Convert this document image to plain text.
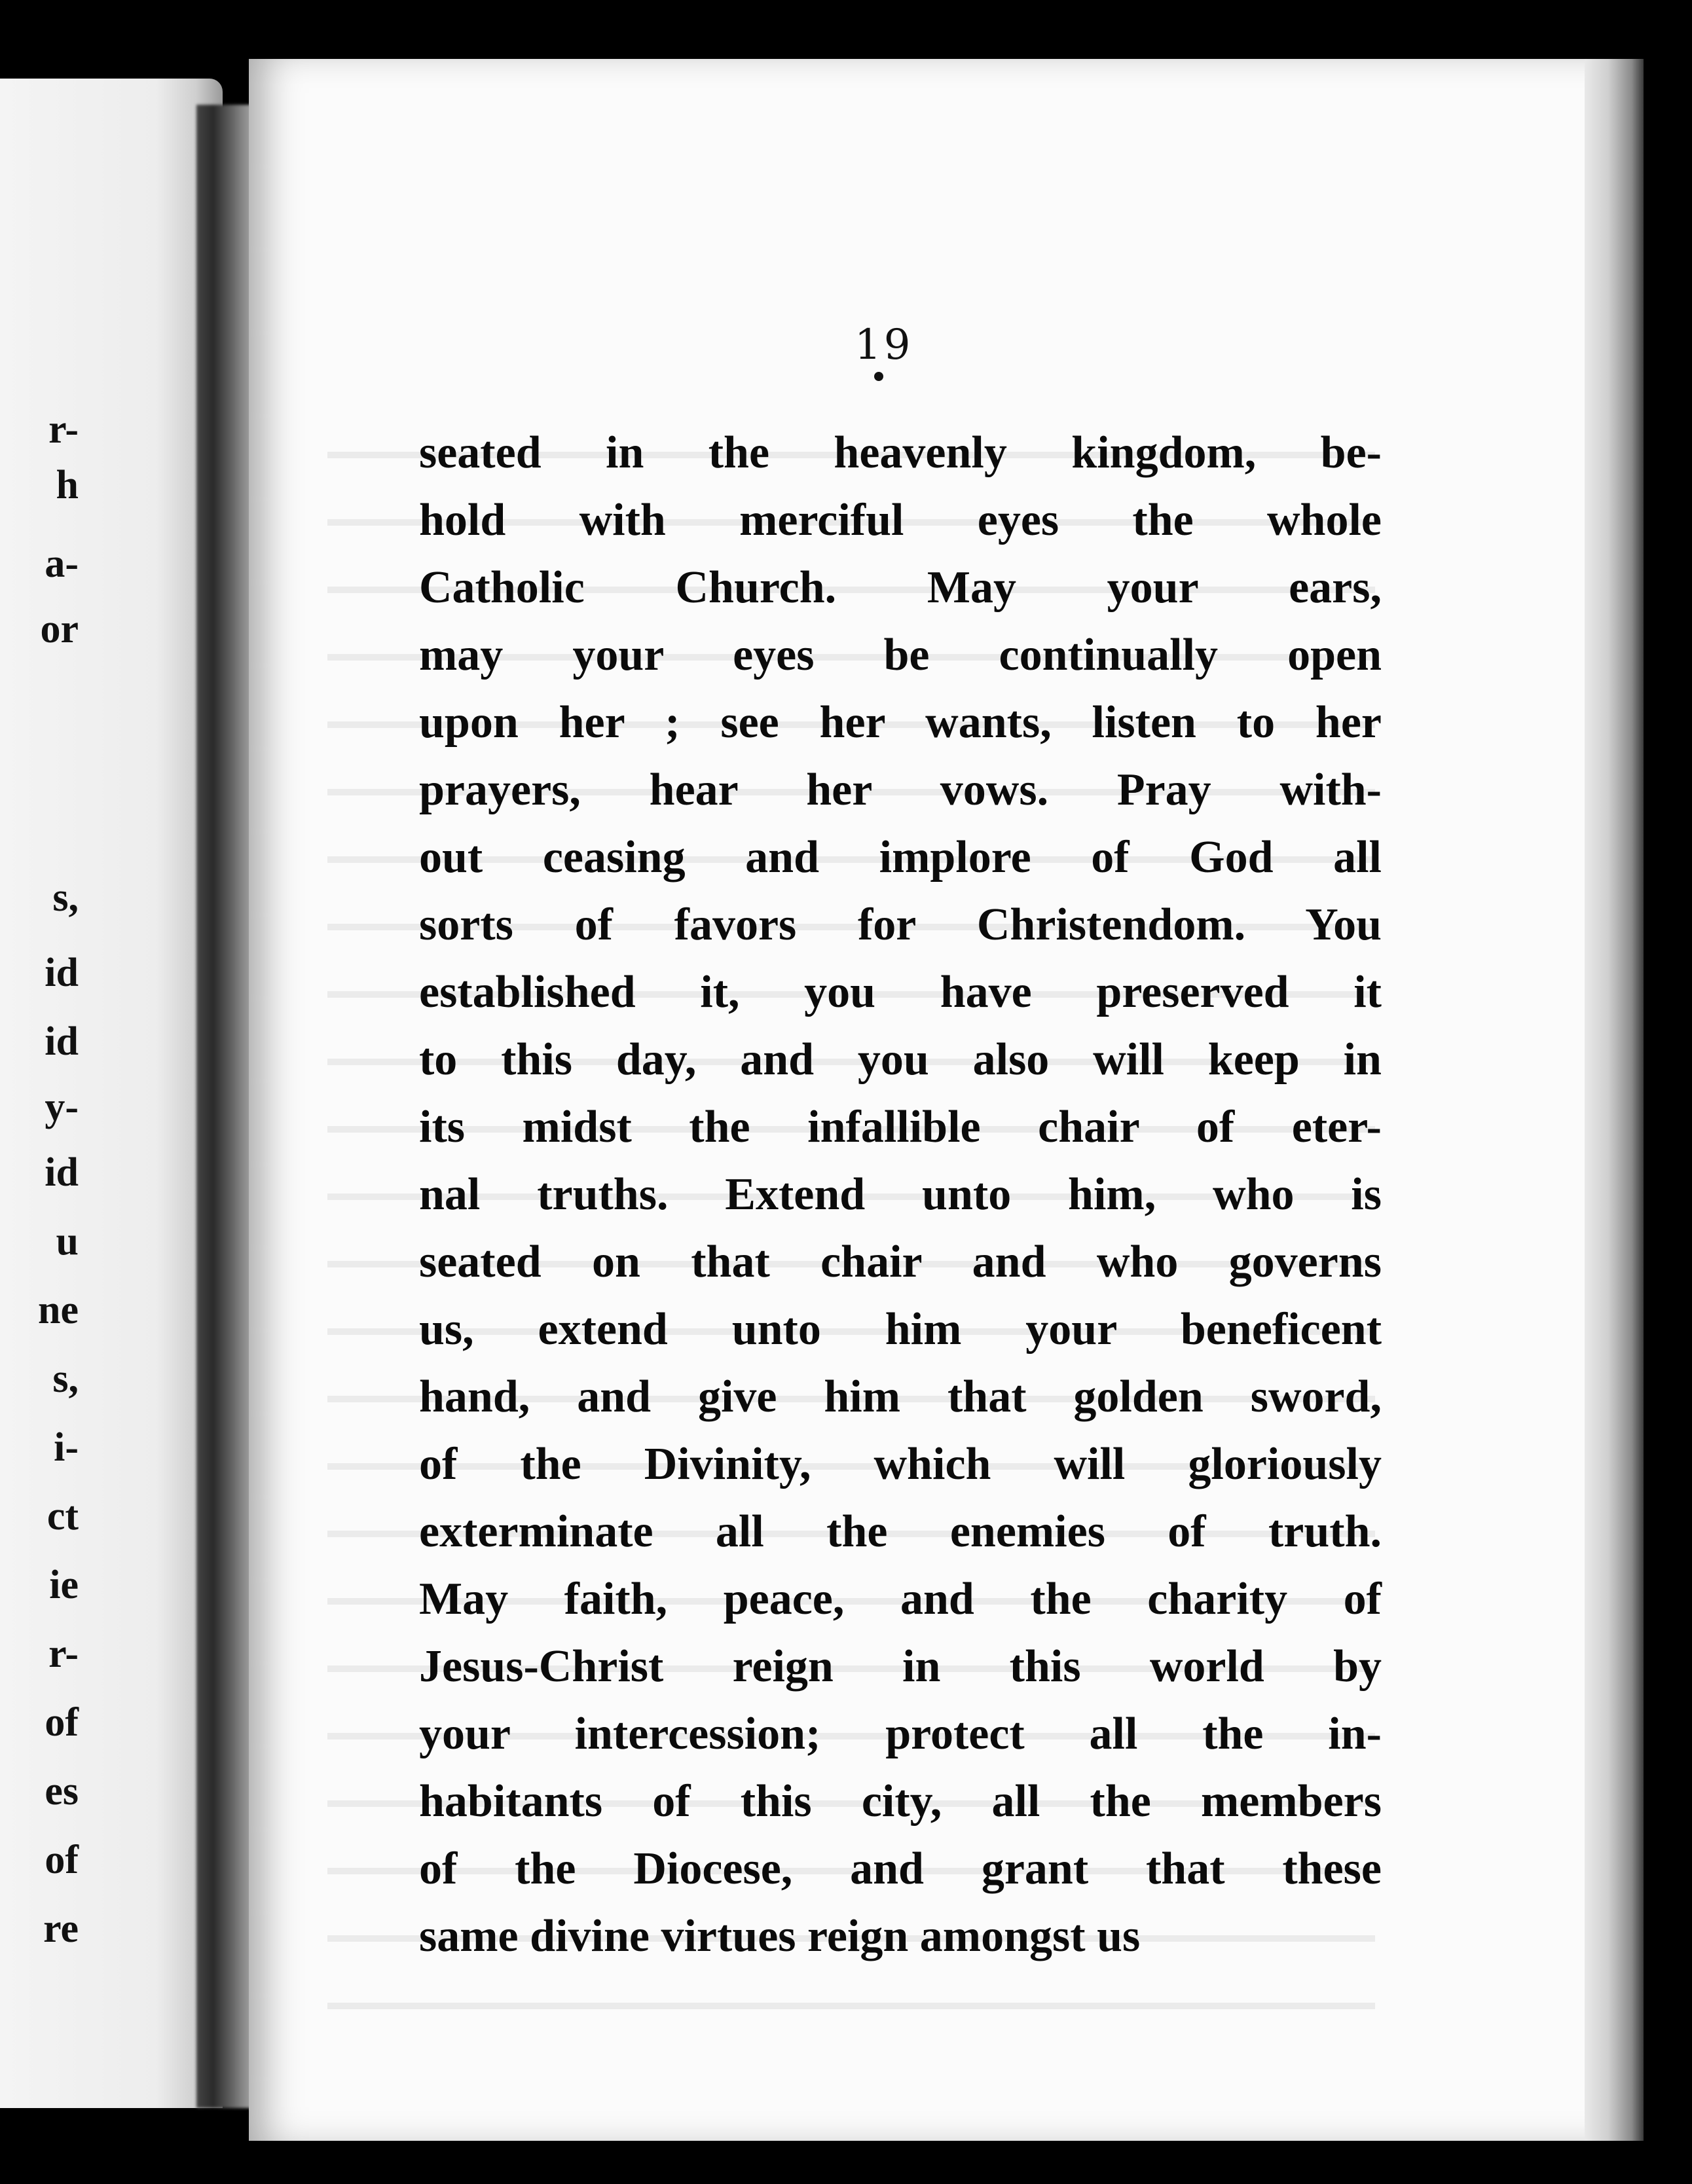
r-
h
a-
or
s,
id
id
y-
id
u
ne
s,
i-
ct
ie
r-
of
es
of
re
19
seated in the heavenly kingdom, be-
hold with merciful eyes the whole
Catholic Church. May your ears,
may your eyes be continually open
upon her ; see her wants, listen to her
prayers, hear her vows. Pray with-
out ceasing and implore of God all
sorts of favors for Christendom. You
established it, you have preserved it
to this day, and you also will keep in
its midst the infallible chair of eter-
nal truths. Extend unto him, who is
seated on that chair and who governs
us, extend unto him your beneficent
hand, and give him that golden sword,
of the Divinity, which will gloriously
exterminate all the enemies of truth.
May faith, peace, and the charity of
Jesus-Christ reign in this world by
your intercession; protect all the in-
habitants of this city, all the members
of the Diocese, and grant that these
same divine virtues reign amongst us
